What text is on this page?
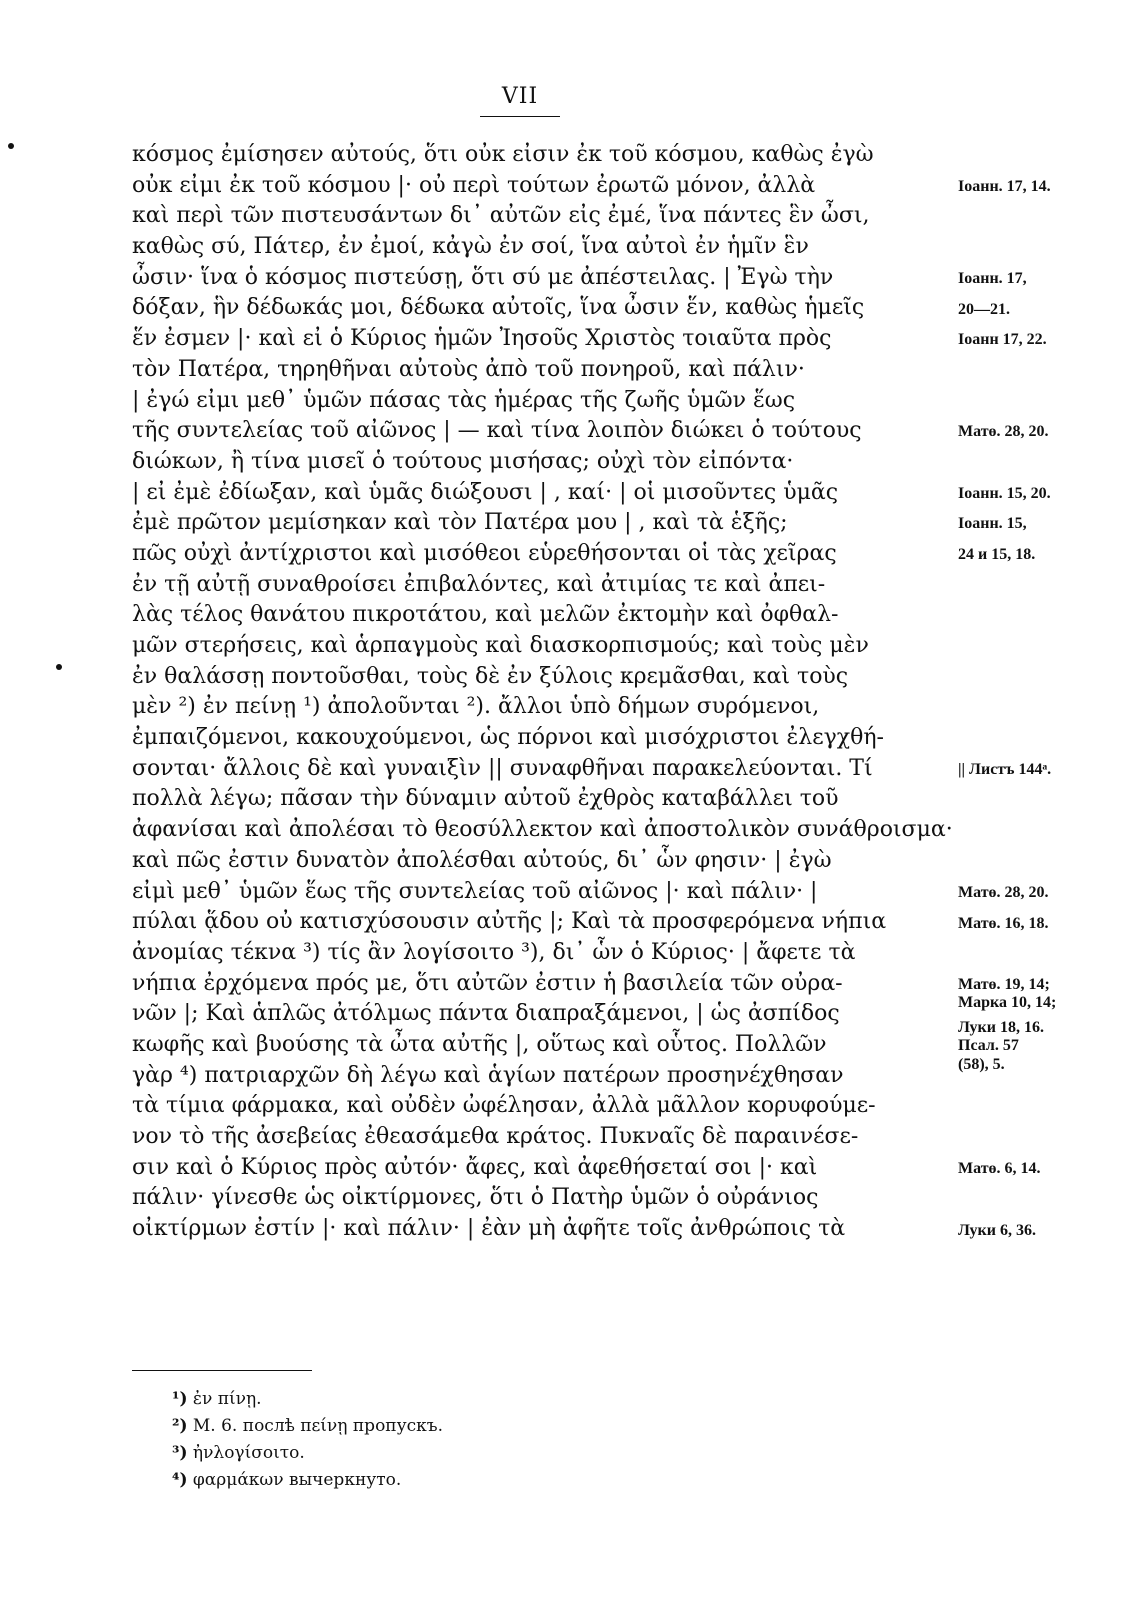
VII
κόσμος ἐμίσησεν αὐτούς, ὅτι οὐκ εἰσιν ἐκ τοῦ κόσμου, καθὼς ἐγὼ
οὐκ εἰμι ἐκ τοῦ κόσμου |· οὐ περὶ τούτων ἐρωτῶ μόνον, ἀλλὰ
καὶ περὶ τῶν πιστευσάντων δι᾽ αὐτῶν εἰς ἐμέ, ἵνα πάντες ἓν ὦσι,
καθὼς σύ, Πάτερ, ἐν ἐμοί, κἀγὼ ἐν σοί, ἵνα αὐτοὶ ἐν ἡμῖν ἓν
ὦσιν· ἵνα ὁ κόσμος πιστεύσῃ, ὅτι σύ με ἀπέστειλας. | Ἐγὼ τὴν
δόξαν, ἣν δέδωκάς μοι, δέδωκα αὐτοῖς, ἵνα ὦσιν ἕν, καθὼς ἡμεῖς
ἕν ἐσμεν |· καὶ εἰ ὁ Κύριος ἡμῶν Ἰησοῦς Χριστὸς τοιαῦτα πρὸς
τὸν Πατέρα, τηρηθῆναι αὐτοὺς ἀπὸ τοῦ πονηροῦ, καὶ πάλιν·
| ἐγώ εἰμι μεθ᾽ ὑμῶν πάσας τὰς ἡμέρας τῆς ζωῆς ὑμῶν ἕως
τῆς συντελείας τοῦ αἰῶνος | — καὶ τίνα λοιπὸν διώκει ὁ τούτους
διώκων, ἢ τίνα μισεῖ ὁ τούτους μισήσας; οὐχὶ τὸν εἰπόντα·
| εἰ ἐμὲ ἐδίωξαν, καὶ ὑμᾶς διώξουσι | , καί· | οἱ μισοῦντες ὑμᾶς
ἐμὲ πρῶτον μεμίσηκαν καὶ τὸν Πατέρα μου | , καὶ τὰ ἑξῆς;
πῶς οὐχὶ ἀντίχριστοι καὶ μισόθεοι εὑρεθήσονται οἱ τὰς χεῖρας
ἐν τῇ αὐτῇ συναθροίσει ἐπιβαλόντες, καὶ ἀτιμίας τε καὶ ἀπει-
λὰς τέλος θανάτου πικροτάτου, καὶ μελῶν ἐκτομὴν καὶ ὀφθαλ-
μῶν στερήσεις, καὶ ἁρπαγμοὺς καὶ διασκορπισμούς; καὶ τοὺς μὲν
ἐν θαλάσσῃ ποντοῦσθαι, τοὺς δὲ ἐν ξύλοις κρεμᾶσθαι, καὶ τοὺς
μὲν ²) ἐν πείνῃ ¹) ἀπολοῦνται ²). ἄλλοι ὑπὸ δήμων συρόμενοι,
ἐμπαιζόμενοι, κακουχούμενοι, ὡς πόρνοι καὶ μισόχριστοι ἐλεγχθή-
σονται· ἄλλοις δὲ καὶ γυναιξὶν || συναφθῆναι παρακελεύονται. Τί
πολλὰ λέγω; πᾶσαν τὴν δύναμιν αὐτοῦ ἐχθρὸς καταβάλλει τοῦ
ἀφανίσαι καὶ ἀπολέσαι τὸ θεοσύλλεκτον καὶ ἀποστολικὸν συνάθροισμα·
καὶ πῶς ἐστιν δυνατὸν ἀπολέσθαι αὐτούς, δι᾽ ὧν φησιν· | ἐγὼ
εἰμὶ μεθ᾽ ὑμῶν ἕως τῆς συντελείας τοῦ αἰῶνος |· καὶ πάλιν· |
πύλαι ᾅδου οὐ κατισχύσουσιν αὐτῆς |; Καὶ τὰ προσφερόμενα νήπια
ἀνομίας τέκνα ³) τίς ἂν λογίσοιτο ³), δι᾽ ὧν ὁ Κύριος· | ἄφετε τὰ
νήπια ἐρχόμενα πρός με, ὅτι αὐτῶν ἐστιν ἡ βασιλεία τῶν οὐρα-
νῶν |; Καὶ ἁπλῶς ἀτόλμως πάντα διαπραξάμενοι, | ὡς ἀσπίδος
κωφῆς καὶ βυούσης τὰ ὦτα αὐτῆς |, οὕτως καὶ οὗτος. Πολλῶν
γὰρ ⁴) πατριαρχῶν δὴ λέγω καὶ ἁγίων πατέρων προσηνέχθησαν
τὰ τίμια φάρμακα, καὶ οὐδὲν ὠφέλησαν, ἀλλὰ μᾶλλον κορυφούμε-
νον τὸ τῆς ἀσεβείας ἐθεασάμεθα κράτος. Πυκναῖς δὲ παραινέσε-
σιν καὶ ὁ Κύριος πρὸς αὐτόν· ἄφες, καὶ ἀφεθήσεταί σοι |· καὶ
πάλιν· γίνεσθε ὡς οἰκτίρμονες, ὅτι ὁ Πατὴρ ὑμῶν ὁ οὐράνιος
οἰκτίρμων ἐστίν |· καὶ πάλιν· | ἐὰν μὴ ἀφῆτε τοῖς ἀνθρώποις τὰ
Іоанн. 17, 14.
Іоанн. 17,
20—21.
Іоанн 17, 22.
Матө. 28, 20.
Іоанн. 15, 20.
Іоанн. 15,
24 и 15, 18.
|| Листъ 144ᵃ.
Матө. 28, 20.
Матө. 16, 18.
Матө. 19, 14;
Марка 10, 14;
Луки 18, 16.
Псал. 57
(58), 5.
Матө. 6, 14.
Луки 6, 36.
¹) ἐν πίνῃ.
²) М. 6. послѣ πείνῃ пропускъ.
³) ἠνλογίσοιτο.
⁴) φαρμάκων вычеркнуто.
